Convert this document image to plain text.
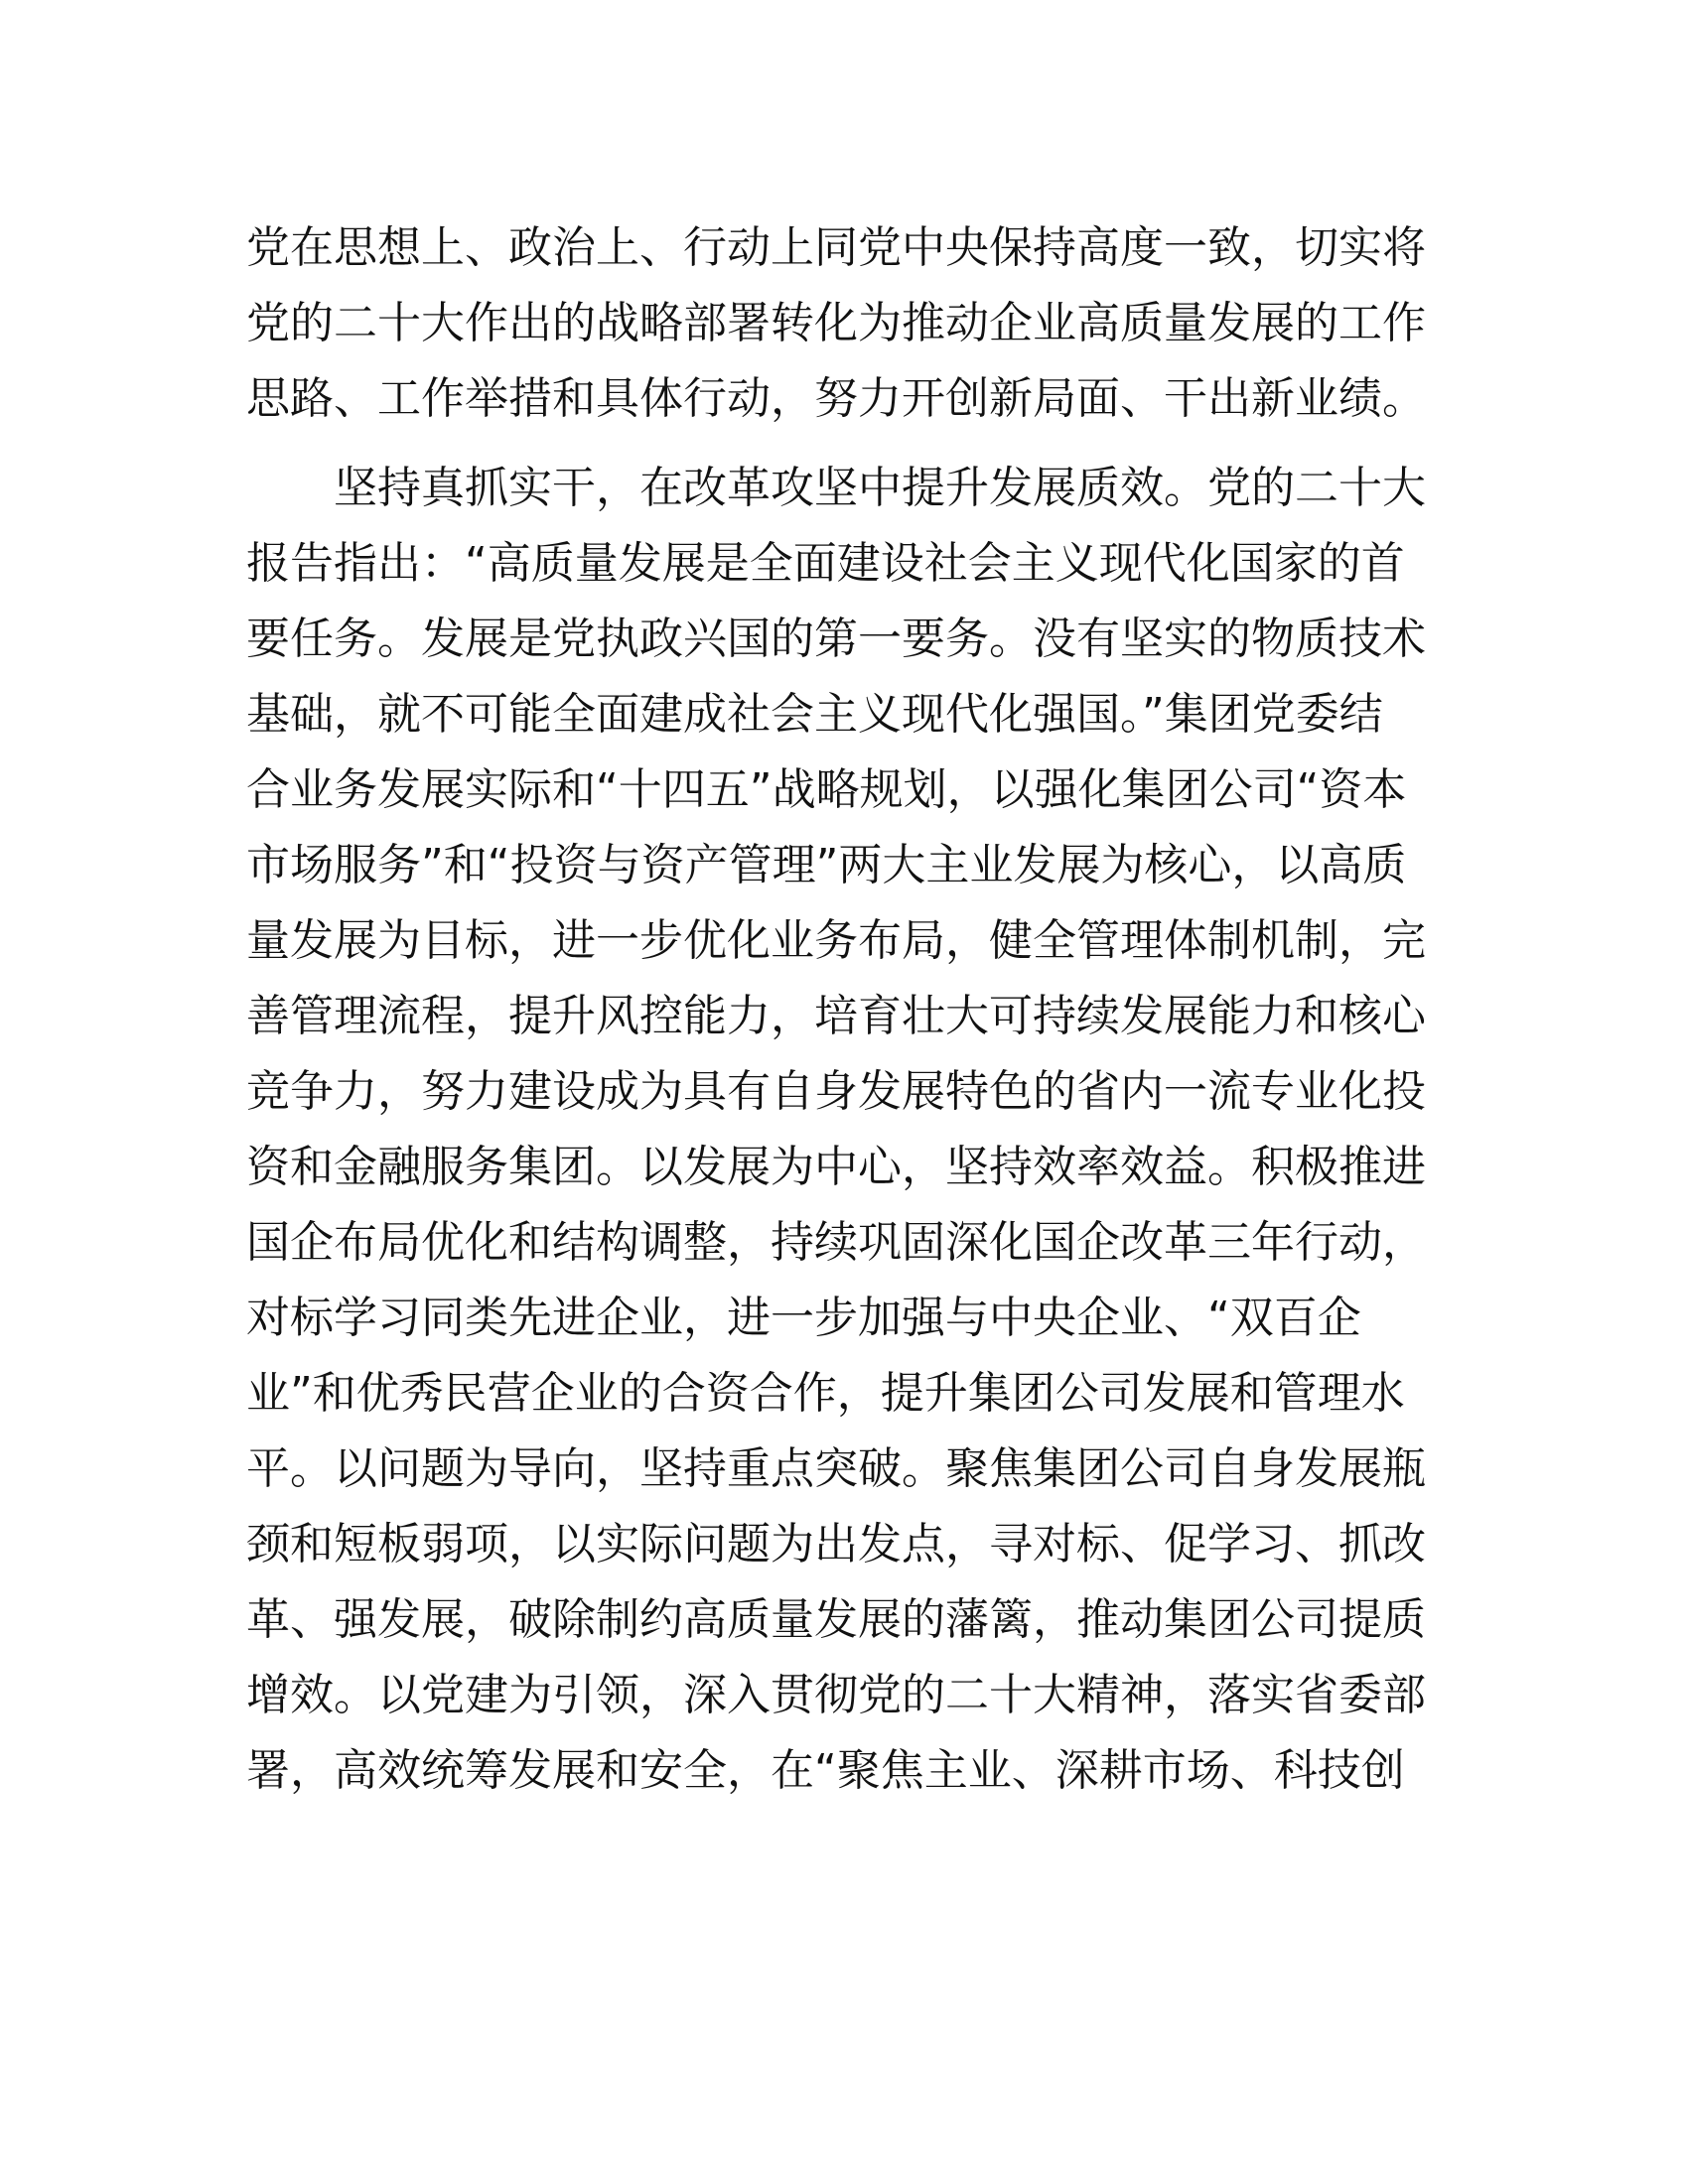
党在思想上、政治上、行动上同党中央保持高度一致，切实将
党的二十大作出的战略部署转化为推动企业高质量发展的工作
思路、工作举措和具体行动，努力开创新局面、干出新业绩。
坚持真抓实干，在改革攻坚中提升发展质效。党的二十大
报告指出：“高质量发展是全面建设社会主义现代化国家的首
要任务。发展是党执政兴国的第一要务。没有坚实的物质技术
基础，就不可能全面建成社会主义现代化强国。”集团党委结
合业务发展实际和“十四五”战略规划，以强化集团公司“资本
市场服务”和“投资与资产管理”两大主业发展为核心，以高质
量发展为目标，进一步优化业务布局，健全管理体制机制，完
善管理流程，提升风控能力，培育壮大可持续发展能力和核心
竞争力，努力建设成为具有自身发展特色的省内一流专业化投
资和金融服务集团。以发展为中心，坚持效率效益。积极推进
国企布局优化和结构调整，持续巩固深化国企改革三年行动，
对标学习同类先进企业，进一步加强与中央企业、“双百企
业”和优秀民营企业的合资合作，提升集团公司发展和管理水
平。以问题为导向，坚持重点突破。聚焦集团公司自身发展瓶
颈和短板弱项，以实际问题为出发点，寻对标、促学习、抓改
革、强发展，破除制约高质量发展的藩篱，推动集团公司提质
增效。以党建为引领，深入贯彻党的二十大精神，落实省委部
署，高效统筹发展和安全，在“聚焦主业、深耕市场、科技创
